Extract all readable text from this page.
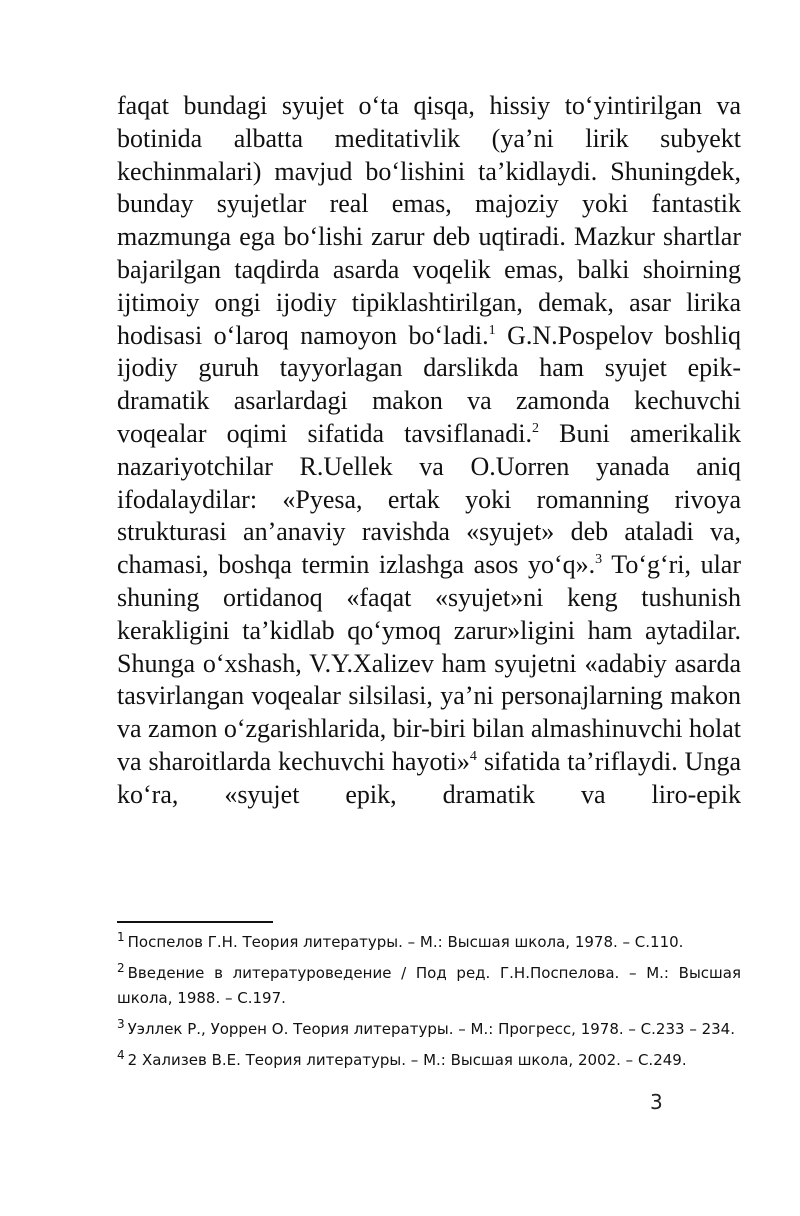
faqat bundagi syujet o‘ta qisqa, hissiy to‘yintirilgan va botinida albatta meditativlik (ya’ni lirik subyekt kechinmalari) mavjud bo‘lishini ta’kidlaydi. Shuningdek, bunday syujetlar real emas, majoziy yoki fantastik mazmunga ega bo‘lishi zarur deb uqtiradi. Mazkur shartlar bajarilgan taqdirda asarda voqelik emas, balki shoirning ijtimoiy ongi ijodiy tipiklashtirilgan, demak, asar lirika hodisasi o‘laroq namoyon bo‘ladi.$^1$ G.N.Pospelov boshliq ijodiy guruh tayyorlagan darslikda ham syujet epik-dramatik asarlardagi makon va zamonda kechuvchi voqealar oqimi sifatida tavsiflanadi.$^2$ Buni amerikalik nazariyotchilar R.Uellek va O.Uorren yanada aniq ifodalaydilar: «Pyesa, ertak yoki romanning rivoya strukturasi an’anaviy ravishda «syujet» deb ataladi va, chamasi, boshqa termin izlashga asos yo‘q».$^3$ To‘g‘ri, ular shuning ortidanoq «faqat «syujet»ni keng tushunish kerakligini ta’kidlab qo‘ymoq zarur»ligini ham aytadilar. Shunga o‘xshash, V.Y.Xalizev ham syujetni «adabiy asarda tasvirlangan voqealar silsilasi, ya’ni personajlarning makon va zamon o‘zgarishlarida, bir-biri bilan almashinuvchi holat va sharoitlarda kechuvchi hayoti»$^4$ sifatida ta’riflaydi. Unga ko‘ra, «syujet epik, dramatik va liro-epik

$^1$ Поспелов Г.Н. Теория литературы. – М.: Высшая школа, 1978. – С.110.

$^2$ Введение в литературоведение / Под ред. Г.Н.Поспелова. – М.: Высшая школа, 1988. – С.197.

$^3$ Уэллек Р., Уоррен О. Теория литературы. – М.: Прогресс, 1978. – С.233 – 234.

$^4$ 2 Хализев В.Е. Теория литературы. – М.: Высшая школа, 2002. – С.249.

3
